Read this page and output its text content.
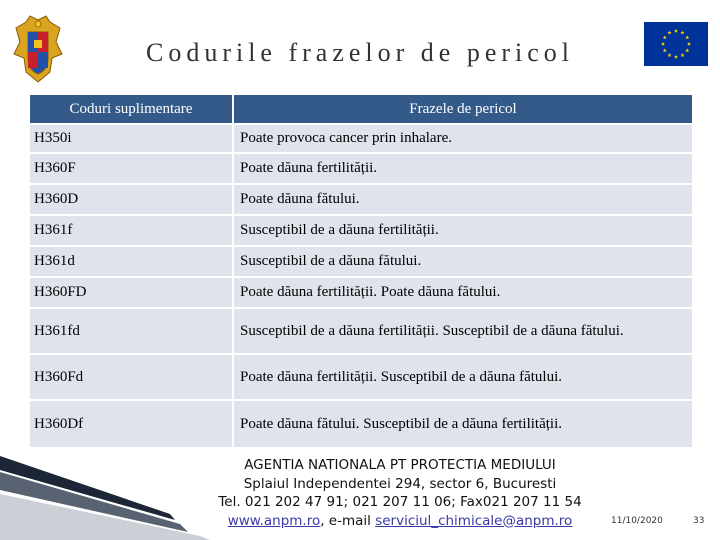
Codurile frazelor de pericol
Coduri suplimentare	Frazele de pericol
H350i	Poate provoca cancer prin inhalare.
H360F	Poate dăuna fertilității.
H360D	Poate dăuna fătului.
H361f	Susceptibil de a dăuna fertilității.
H361d	Susceptibil de a dăuna fătului.
H360FD	Poate dăuna fertilității. Poate dăuna fătului.
H361fd	Susceptibil de a dăuna fertilității. Susceptibil de a dăuna fătului.
H360Fd	Poate dăuna fertilității. Susceptibil de a dăuna fătului.
H360Df	Poate dăuna fătului. Susceptibil de a dăuna fertilității.
AGENTIA NATIONALA PT PROTECTIA MEDIULUI
Splaiul Independentei 294, sector 6, Bucuresti
Tel. 021 202 47 91; 021 207 11 06; Fax021 207 11 54
www.anpm.ro, e-mail serviciul_chimicale@anpm.ro	11/10/2020	33
